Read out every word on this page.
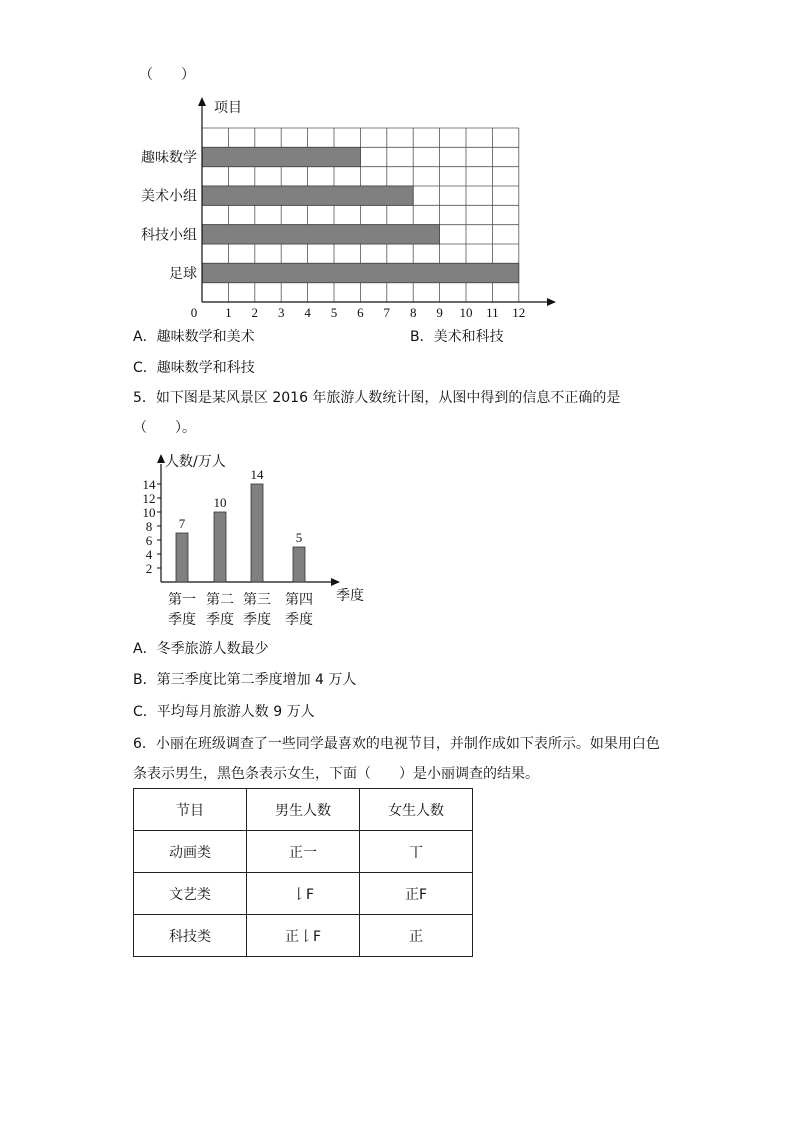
（　　）
趣味数学
美术小组
科技小组
足球
项目
0 1 2 3 4 5 6 7 8 9 10 11 12
A．趣味数学和美术	B．美术和科技
C．趣味数学和科技
5．如下图是某风景区 2016 年旅游人数统计图，从图中得到的信息不正确的是
（　　）。
人数/万人
季度
2
4
6
8
10
12
14
7
第一
季度
10
第二
季度
14
第三
季度
5
第四
季度
A．冬季旅游人数最少
B．第三季度比第二季度增加 4 万人
C．平均每月旅游人数 9 万人
6．小丽在班级调查了一些同学最喜欢的电视节目，并制作成如下表所示。如果用白色
条表示男生，黑色条表示女生，下面（　　）是小丽调查的结果。
节目	男生人数	女生人数
动画类	正一	丅
文艺类	𠄌F	正F
科技类	正𠄌F	正
